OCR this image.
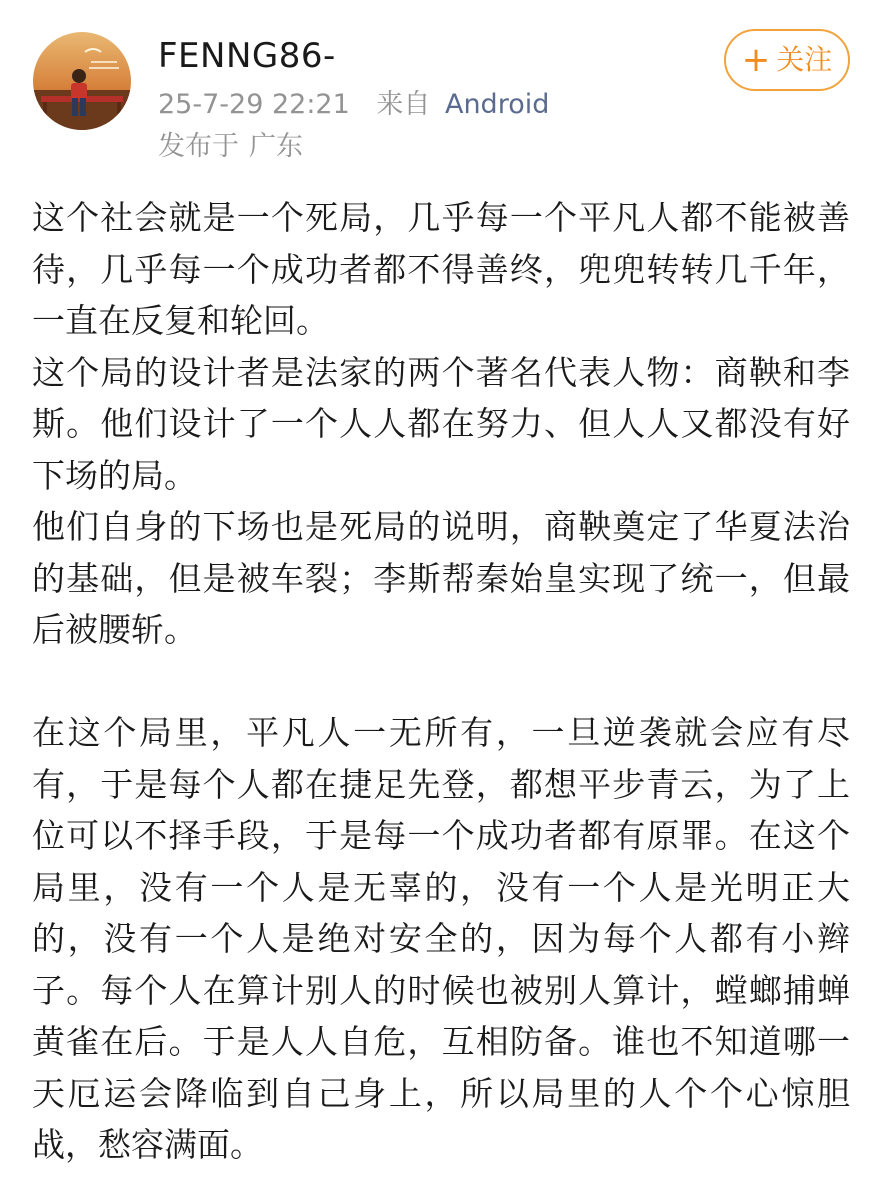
FENNG86-
25-7-29 22:21 来自 Android
发布于 广东
+ 关注

这个社会就是一个死局，几乎每一个平凡人都不能被善待，几乎每一个成功者都不得善终，兜兜转转几千年，一直在反复和轮回。

这个局的设计者是法家的两个著名代表人物：商鞅和李斯。他们设计了一个人人都在努力、但人人又都没有好下场的局。

他们自身的下场也是死局的说明，商鞅奠定了华夏法治的基础，但是被车裂；李斯帮秦始皇实现了统一，但最后被腰斩。

在这个局里，平凡人一无所有，一旦逆袭就会应有尽有，于是每个人都在捷足先登，都想平步青云，为了上位可以不择手段，于是每一个成功者都有原罪。在这个局里，没有一个人是无辜的，没有一个人是光明正大的，没有一个人是绝对安全的，因为每个人都有小辫子。每个人在算计别人的时候也被别人算计，螳螂捕蝉黄雀在后。于是人人自危，互相防备。谁也不知道哪一天厄运会降临到自己身上，所以局里的人个个心惊胆战，愁容满面。
